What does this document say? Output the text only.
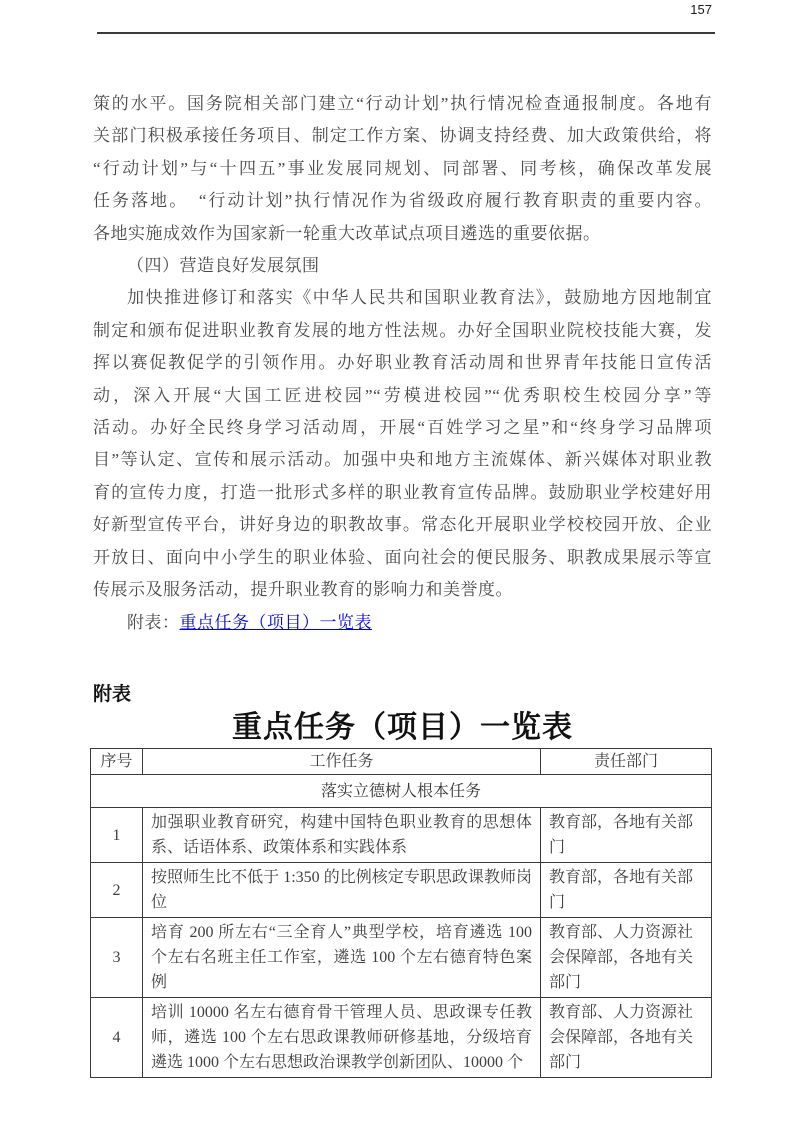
157
策的水平。国务院相关部门建立“行动计划”执行情况检查通报制度。各地有
关部门积极承接任务项目、制定工作方案、协调支持经费、加大政策供给，将
“行动计划”与“十四五”事业发展同规划、同部署、同考核，确保改革发展
任务落地。　“行动计划”执行情况作为省级政府履行教育职责的重要内容。
各地实施成效作为国家新一轮重大改革试点项目遴选的重要依据。
（四）营造良好发展氛围
加快推进修订和落实《中华人民共和国职业教育法》，鼓励地方因地制宜
制定和颁布促进职业教育发展的地方性法规。办好全国职业院校技能大赛，发
挥以赛促教促学的引领作用。办好职业教育活动周和世界青年技能日宣传活
动，深入开展“大国工匠进校园”“劳模进校园”“优秀职校生校园分享”等
活动。办好全民终身学习活动周，开展“百姓学习之星”和“终身学习品牌项
目”等认定、宣传和展示活动。加强中央和地方主流媒体、新兴媒体对职业教
育的宣传力度，打造一批形式多样的职业教育宣传品牌。鼓励职业学校建好用
好新型宣传平台，讲好身边的职教故事。常态化开展职业学校校园开放、企业
开放日、面向中小学生的职业体验、面向社会的便民服务、职教成果展示等宣
传展示及服务活动，提升职业教育的影响力和美誉度。
附表：重点任务（项目）一览表
附表
重点任务（项目）一览表
序号	工作任务	责任部门
落实立德树人根本任务		
1	加强职业教育研究，构建中国特色职业教育的思想体系、话语体系、政策体系和实践体系	教育部，各地有关部门
2	按照师生比不低于 1:350 的比例核定专职思政课教师岗位	教育部，各地有关部门
3	培育 200 所左右“三全育人”典型学校，培育遴选 100 个左右名班主任工作室，遴选 100 个左右德育特色案例	教育部、人力资源社会保障部，各地有关部门
4	培训 10000 名左右德育骨干管理人员、思政课专任教师，遴选 100 个左右思政课教师研修基地，分级培育遴选 1000 个左右思想政治课教学创新团队、10000 个	教育部、人力资源社会保障部，各地有关部门
